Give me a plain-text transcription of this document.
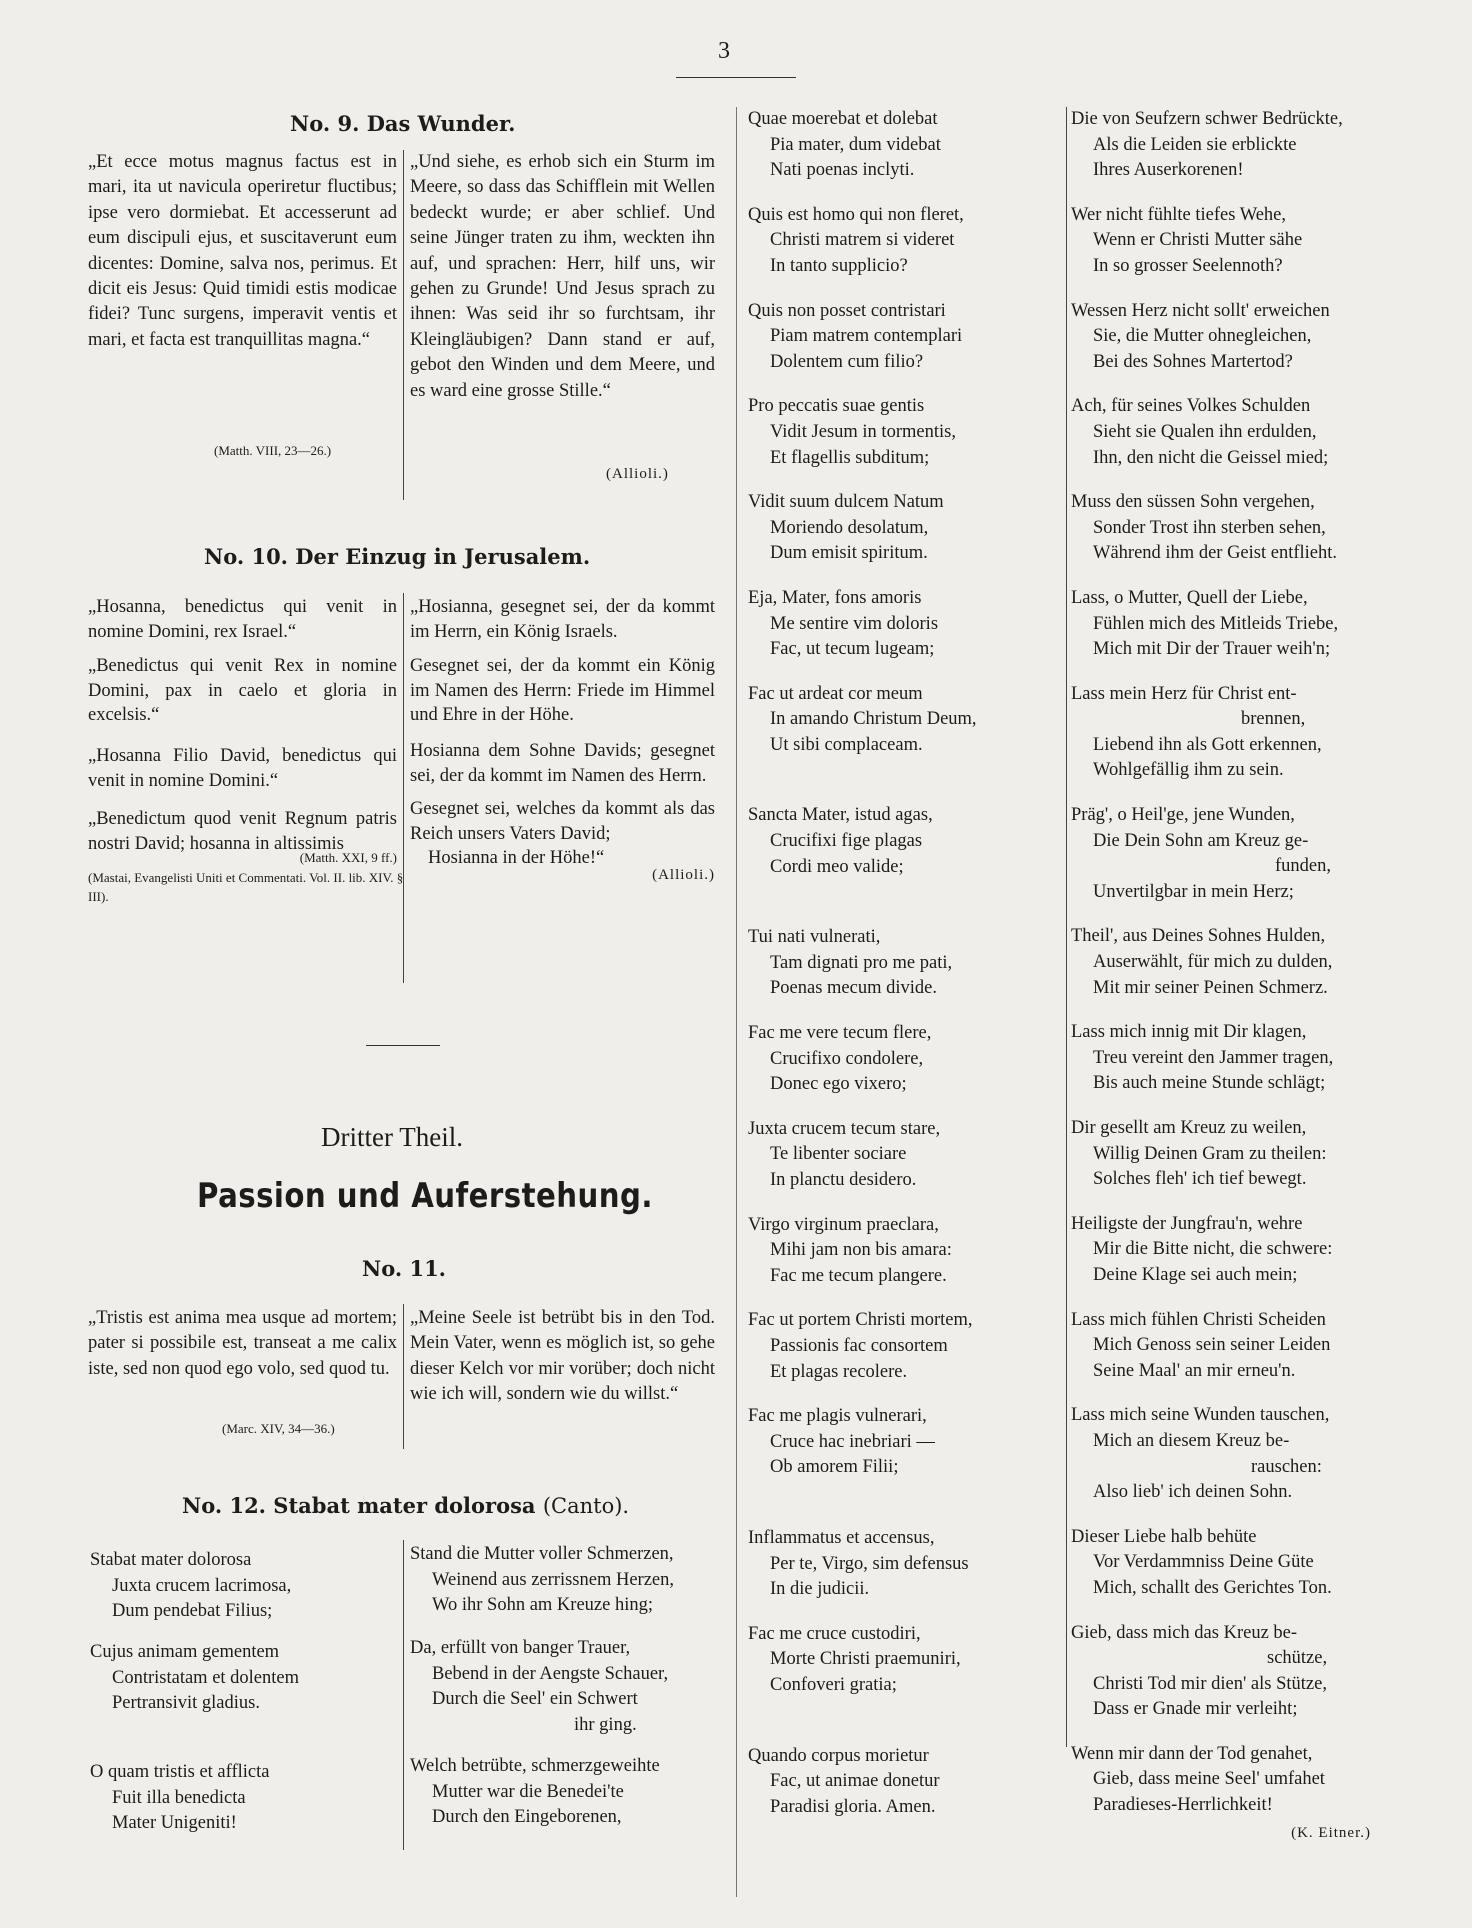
3
No. 9. Das Wunder.

„Et ecce motus magnus factus est in mari, ita ut navicula operiretur fluctibus; ipse vero dormiebat. Et accesserunt ad eum discipuli ejus, et suscitaverunt eum dicentes: Domine, salva nos, perimus. Et dicit eis Jesus: Quid timidi estis modicae fidei? Tunc surgens, imperavit ventis et mari, et facta est tranquillitas magna.“

(Matth. VIII, 23—26.)

„Und siehe, es erhob sich ein Sturm im Meere, so dass das Schifflein mit Wellen bedeckt wurde; er aber schlief. Und seine Jünger traten zu ihm, weckten ihn auf, und sprachen: Herr, hilf uns, wir gehen zu Grunde! Und Jesus sprach zu ihnen: Was seid ihr so furchtsam, ihr Kleingläubigen? Dann stand er auf, gebot den Winden und dem Meere, und es ward eine grosse Stille.“

(Allioli.)
No. 10. Der Einzug in Jerusalem.

„Hosanna, benedictus qui venit in nomine Domini, rex Israel.“

„Benedictus qui venit Rex in nomine Domini, pax in caelo et gloria in excelsis.“

„Hosanna Filio David, benedictus qui venit in nomine Domini.“

„Benedictum quod venit Regnum patris nostri David; hosanna in altissimis

(Matth. XXI, 9 ff.)
(Mastai, Evangelisti Uniti et Commentati. Vol. II. lib. XIV. § III).

„Hosianna, gesegnet sei, der da kommt im Herrn, ein König Israels.

Gesegnet sei, der da kommt ein König im Namen des Herrn: Friede im Himmel und Ehre in der Höhe.

Hosianna dem Sohne Davids; gesegnet sei, der da kommt im Namen des Herrn.

Gesegnet sei, welches da kommt als das Reich unsers Vaters David;

Hosianna in der Höhe!“

(Allioli.)
Dritter Theil.
Passion und Auferstehung.
No. 11.

„Tristis est anima mea usque ad mortem; pater si possibile est, transeat a me calix iste, sed non quod ego volo, sed quod tu.

(Marc. XIV, 34—36.)

„Meine Seele ist betrübt bis in den Tod. Mein Vater, wenn es möglich ist, so gehe dieser Kelch vor mir vorüber; doch nicht wie ich will, sondern wie du willst.“

No. 12. Stabat mater dolorosa (Canto).
Stabat mater dolorosa
Juxta crucem lacrimosa,
Dum pendebat Filius;
Cujus animam gementem
Contristatam et dolentem
Pertransivit gladius.
O quam tristis et afflicta
Fuit illa benedicta
Mater Unigeniti!
Stand die Mutter voller Schmerzen,
Weinend aus zerrissnem Herzen,
Wo ihr Sohn am Kreuze hing;
Da, erfüllt von banger Trauer,
Bebend in der Aengste Schauer,
Durch die Seel' ein Schwert
ihr ging.
Welch betrübte, schmerzgeweihte
Mutter war die Benedei'te
Durch den Eingeborenen,
Quae moerebat et dolebat
Pia mater, dum videbat
Nati poenas inclyti.
Quis est homo qui non fleret,
Christi matrem si videret
In tanto supplicio?
Quis non posset contristari
Piam matrem contemplari
Dolentem cum filio?
Pro peccatis suae gentis
Vidit Jesum in tormentis,
Et flagellis subditum;
Vidit suum dulcem Natum
Moriendo desolatum,
Dum emisit spiritum.
Eja, Mater, fons amoris
Me sentire vim doloris
Fac, ut tecum lugeam;
Fac ut ardeat cor meum
In amando Christum Deum,
Ut sibi complaceam.
Sancta Mater, istud agas,
Crucifixi fige plagas
Cordi meo valide;
Tui nati vulnerati,
Tam dignati pro me pati,
Poenas mecum divide.
Fac me vere tecum flere,
Crucifixo condolere,
Donec ego vixero;
Juxta crucem tecum stare,
Te libenter sociare
In planctu desidero.
Virgo virginum praeclara,
Mihi jam non bis amara:
Fac me tecum plangere.
Fac ut portem Christi mortem,
Passionis fac consortem
Et plagas recolere.
Fac me plagis vulnerari,
Cruce hac inebriari —
Ob amorem Filii;
Inflammatus et accensus,
Per te, Virgo, sim defensus
In die judicii.
Fac me cruce custodiri,
Morte Christi praemuniri,
Confoveri gratia;
Quando corpus morietur
Fac, ut animae donetur
Paradisi gloria. Amen.
Die von Seufzern schwer Bedrückte,
Als die Leiden sie erblickte
Ihres Auserkorenen!
Wer nicht fühlte tiefes Wehe,
Wenn er Christi Mutter sähe
In so grosser Seelennoth?
Wessen Herz nicht sollt' erweichen
Sie, die Mutter ohnegleichen,
Bei des Sohnes Martertod?
Ach, für seines Volkes Schulden
Sieht sie Qualen ihn erdulden,
Ihn, den nicht die Geissel mied;
Muss den süssen Sohn vergehen,
Sonder Trost ihn sterben sehen,
Während ihm der Geist entflieht.
Lass, o Mutter, Quell der Liebe,
Fühlen mich des Mitleids Triebe,
Mich mit Dir der Trauer weih'n;
Lass mein Herz für Christ ent-
brennen,
Liebend ihn als Gott erkennen,
Wohlgefällig ihm zu sein.
Präg', o Heil'ge, jene Wunden,
Die Dein Sohn am Kreuz ge-
funden,
Unvertilgbar in mein Herz;
Theil', aus Deines Sohnes Hulden,
Auserwählt, für mich zu dulden,
Mit mir seiner Peinen Schmerz.
Lass mich innig mit Dir klagen,
Treu vereint den Jammer tragen,
Bis auch meine Stunde schlägt;
Dir gesellt am Kreuz zu weilen,
Willig Deinen Gram zu theilen:
Solches fleh' ich tief bewegt.
Heiligste der Jungfrau'n, wehre
Mir die Bitte nicht, die schwere:
Deine Klage sei auch mein;
Lass mich fühlen Christi Scheiden
Mich Genoss sein seiner Leiden
Seine Maal' an mir erneu'n.
Lass mich seine Wunden tauschen,
Mich an diesem Kreuz be-
rauschen:
Also lieb' ich deinen Sohn.
Dieser Liebe halb behüte
Vor Verdammniss Deine Güte
Mich, schallt des Gerichtes Ton.
Gieb, dass mich das Kreuz be-
schütze,
Christi Tod mir dien' als Stütze,
Dass er Gnade mir verleiht;
Wenn mir dann der Tod genahet,
Gieb, dass meine Seel' umfahet
Paradieses-Herrlichkeit!
(K. Eitner.)
